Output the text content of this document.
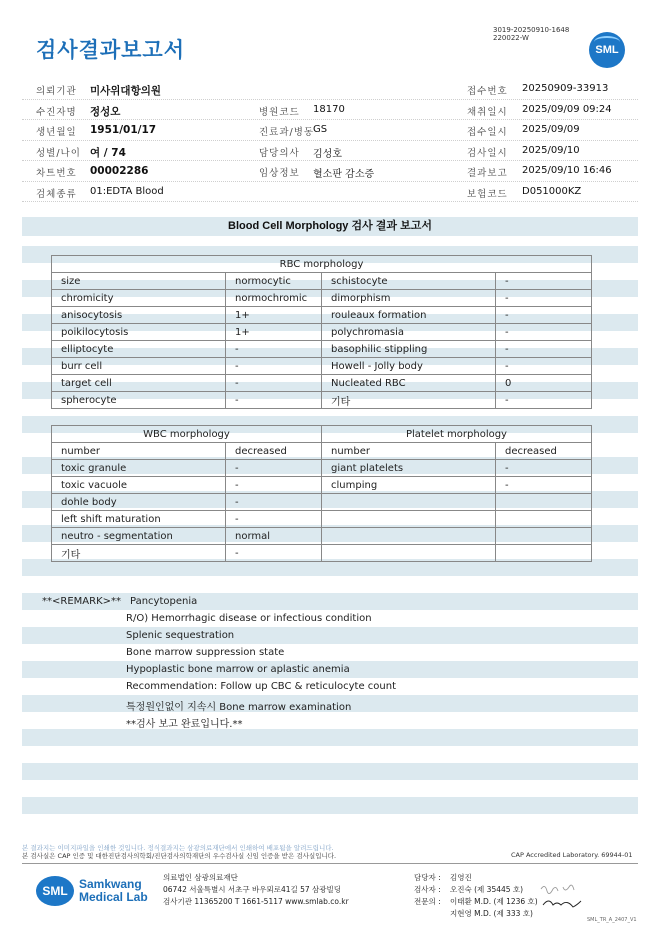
검사결과보고서
3019-20250910-1648
220022-W
SML
의뢰기관 미사위대항의원	접수번호 20250909-33913
수진자명 정성오	병원코드 18170	채취일시 2025/09/09 09:24
생년월일 1951/01/17	진료과/병동
GS	접수일시 2025/09/09
성별/나이 여 / 74	담당의사 김성호	검사일시 2025/09/10
차트번호 00002286	임상정보 혈소판 감소증	결과보고 2025/09/10 16:46
검체종류 01:EDTA Blood	보험코드 D051000KZ
Blood Cell Morphology 검사 결과 보고서
RBC morphology			
size	normocytic	schistocyte	-
chromicity	normochromic	dimorphism	-
anisocytosis	1+	rouleaux formation	-
poikilocytosis	1+	polychromasia	-
elliptocyte	-	basophilic stippling	-
burr cell	-	Howell - Jolly body	-
target cell	-	Nucleated RBC	0
spherocyte	-	기타	-
WBC morphology		Platelet morphology	
number	decreased	number	decreased
toxic granule	-	giant platelets	-
toxic vacuole	-	clumping	-
dohle body	-		
left shift maturation	-		
neutro - segmentation	normal		
기타	-		
**<REMARK>** Pancytopenia
R/O) Hemorrhagic disease or infectious condition
Splenic sequestration
Bone marrow suppression state
Hypoplastic bone marrow or aplastic anemia
Recommendation: Follow up CBC & reticulocyte count
특정원인없이 지속시 Bone marrow examination
**검사 보고 완료입니다.**
본 결과지는 이미지파일을 인쇄한 것입니다. 정식결과지는 삼광의료재단에서 인쇄하여 배포됨을 알려드립니다.
본 검사실은 CAP 인증 및 대한진단검사의학회/진단검사의학재단의 우수검사실 신임 인증을 받은 검사실입니다.	CAP Accredited Laboratory. 69944-01
SML Samkwang
Medical Lab
의료법인 삼광의료재단
06742 서울특별시 서초구 바우뫼로41길 57 삼광빌딩
검사기관 11365200 T 1661-5117 www.smlab.co.kr
담당자 : 김영진
검사자 : 오진숙 (제 35445 호)
전문의 : 이태환 M.D. (제 1236 호)
지현영 M.D. (제 333 호)
SML_TR_A_2407_V1
